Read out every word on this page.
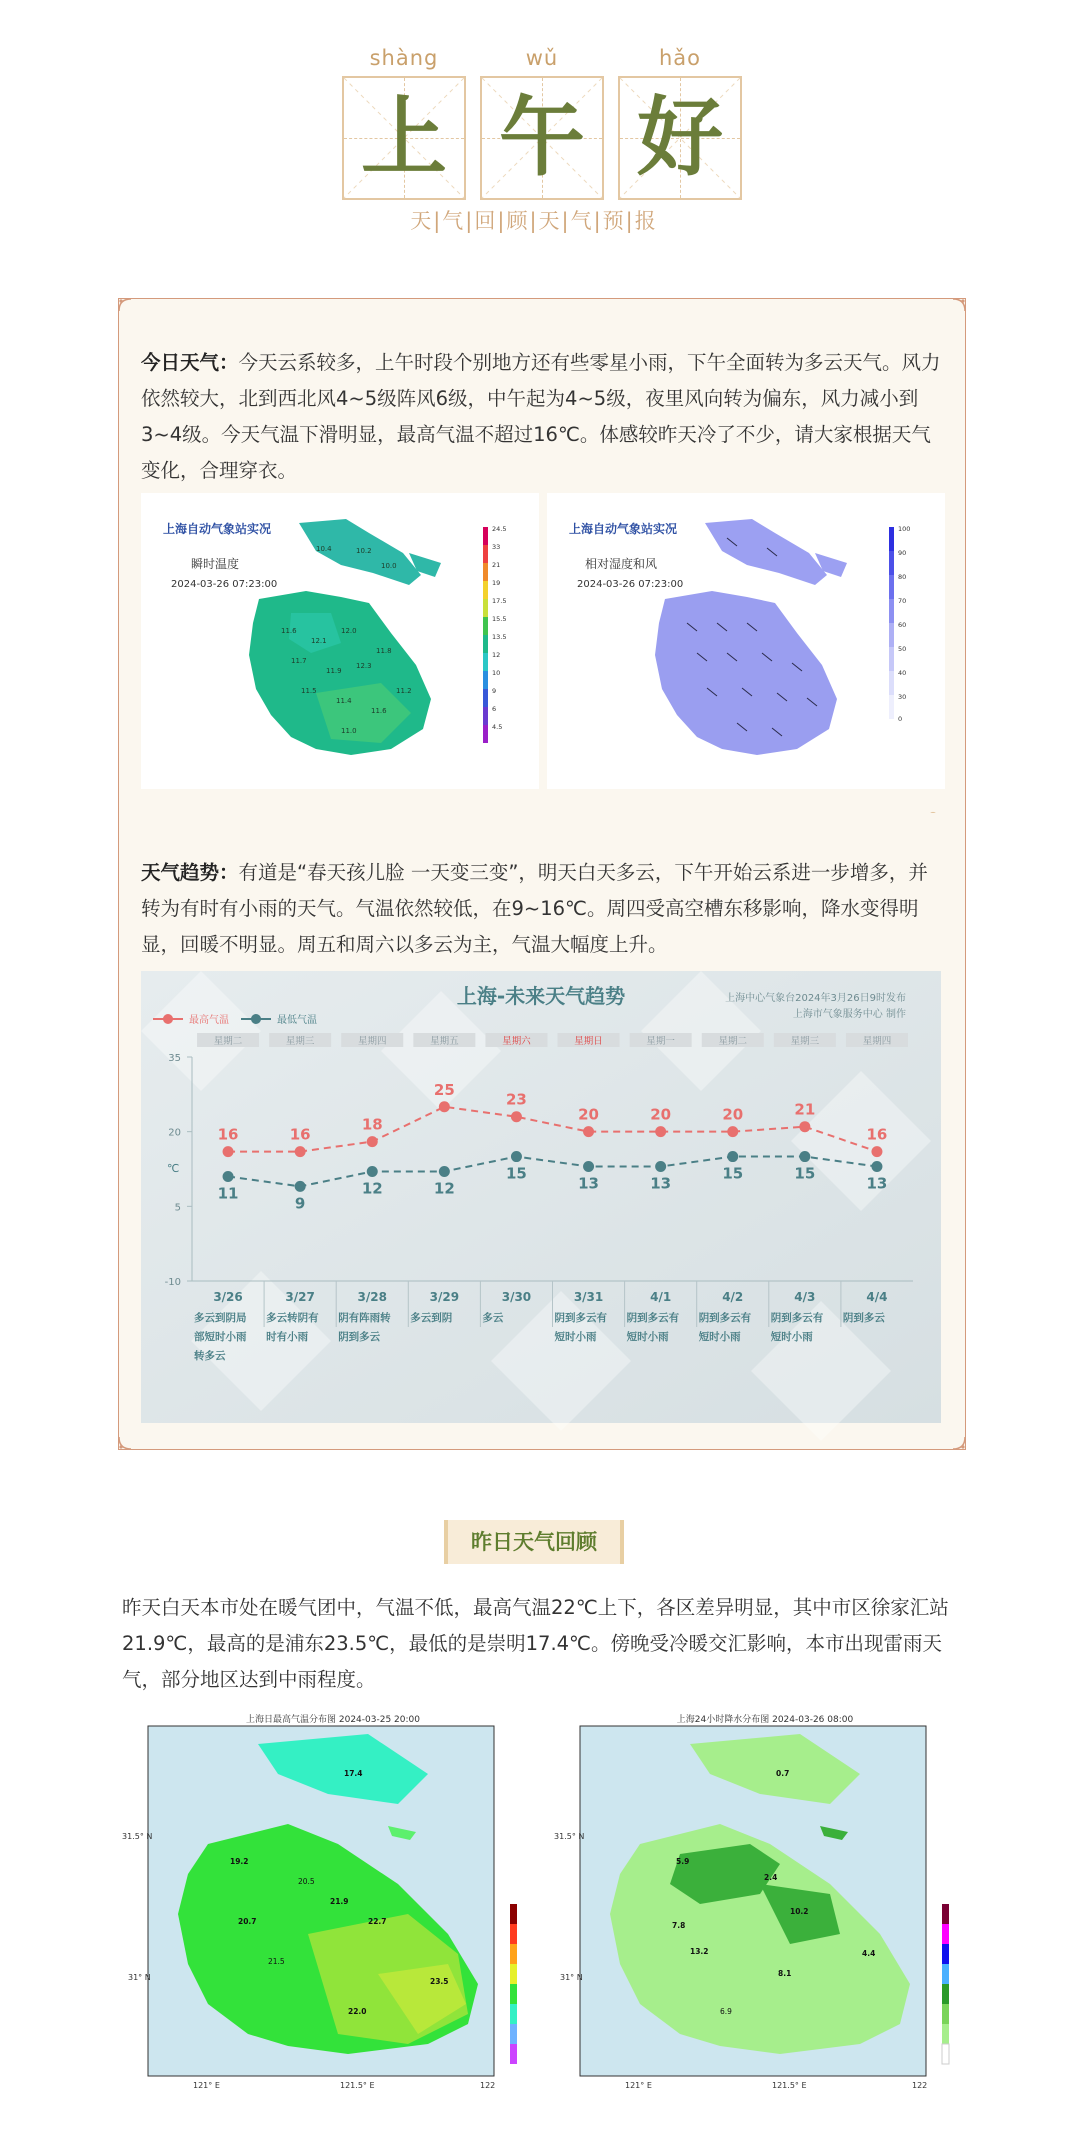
shàng	wǔ	hǎo
上 午 好
天|气|回|顾|天|气|预|报
今日天气：今天云系较多，上午时段个别地方还有些零星小雨，下午全面转为多云天气。风力依然较大，北到西北风4~5级阵风6级，中午起为4~5级，夜里风向转为偏东，风力减小到3~4级。今天气温下滑明显，最高气温不超过16℃。体感较昨天冷了不少，请大家根据天气变化，合理穿衣。
上海自动气象站实况
瞬时温度
2024-03-26 07:23:00
11.6
12.1
12.0
11.7
11.9
12.3
11.8
11.5
11.4
11.6
11.2
11.0
10.4	10.2
10.0
24.5
33
21
19
17.5
15.5
13.5
12
10
9
6
4.5
上海自动气象站实况
相对湿度和风
2024-03-26 07:23:00
100
90
80
70
60
50
40
30
0
天气趋势：有道是“春天孩儿脸 一天变三变”，明天白天多云，下午开始云系进一步增多，并转为有时有小雨的天气。气温依然较低，在9~16℃。周四受高空槽东移影响，降水变得明显，回暖不明显。周五和周六以多云为主，气温大幅度上升。
上海-未来天气趋势	上海中心气象台2024年3月26日9时发布
上海市气象服务中心 制作
最高气温	最低气温
星期二	星期三	星期四	星期五	星期六	星期日	星期一	星期二	星期三	星期四
35
20
5
-10
℃
16	16
18
25
23
20	20	20	21
16
11
9
12	12
15
13	13
15	15
13
3/26
多云到阴局
部短时小雨
转多云
3/27
多云转阴有
时有小雨
3/28
阴有阵雨转
阴到多云
3/29
多云到阴
3/30
多云
3/31
阴到多云有
短时小雨
4/1
阴到多云有
短时小雨
4/2
阴到多云有
短时小雨
4/3
阴到多云有
短时小雨
4/4
阴到多云
昨日天气回顾
昨天白天本市处在暖气团中，气温不低，最高气温22℃上下，各区差异明显，其中市区徐家汇站21.9℃，最高的是浦东23.5℃，最低的是崇明17.4℃。傍晚受冷暖交汇影响，本市出现雷雨天气，部分地区达到中雨程度。
上海日最高气温分布图 2024-03-25 20:00
17.4
19.2
20.7
21.9
22.7
23.5
22.0
21.5
20.5
31.5° N
31° N
121° E	121.5° E	122
上海24小时降水分布图 2024-03-26 08:00
0.7
5.9
2.4
10.2
7.8
13.2
8.1
4.4
6.9
31.5° N
31° N
121° E	121.5° E	122
